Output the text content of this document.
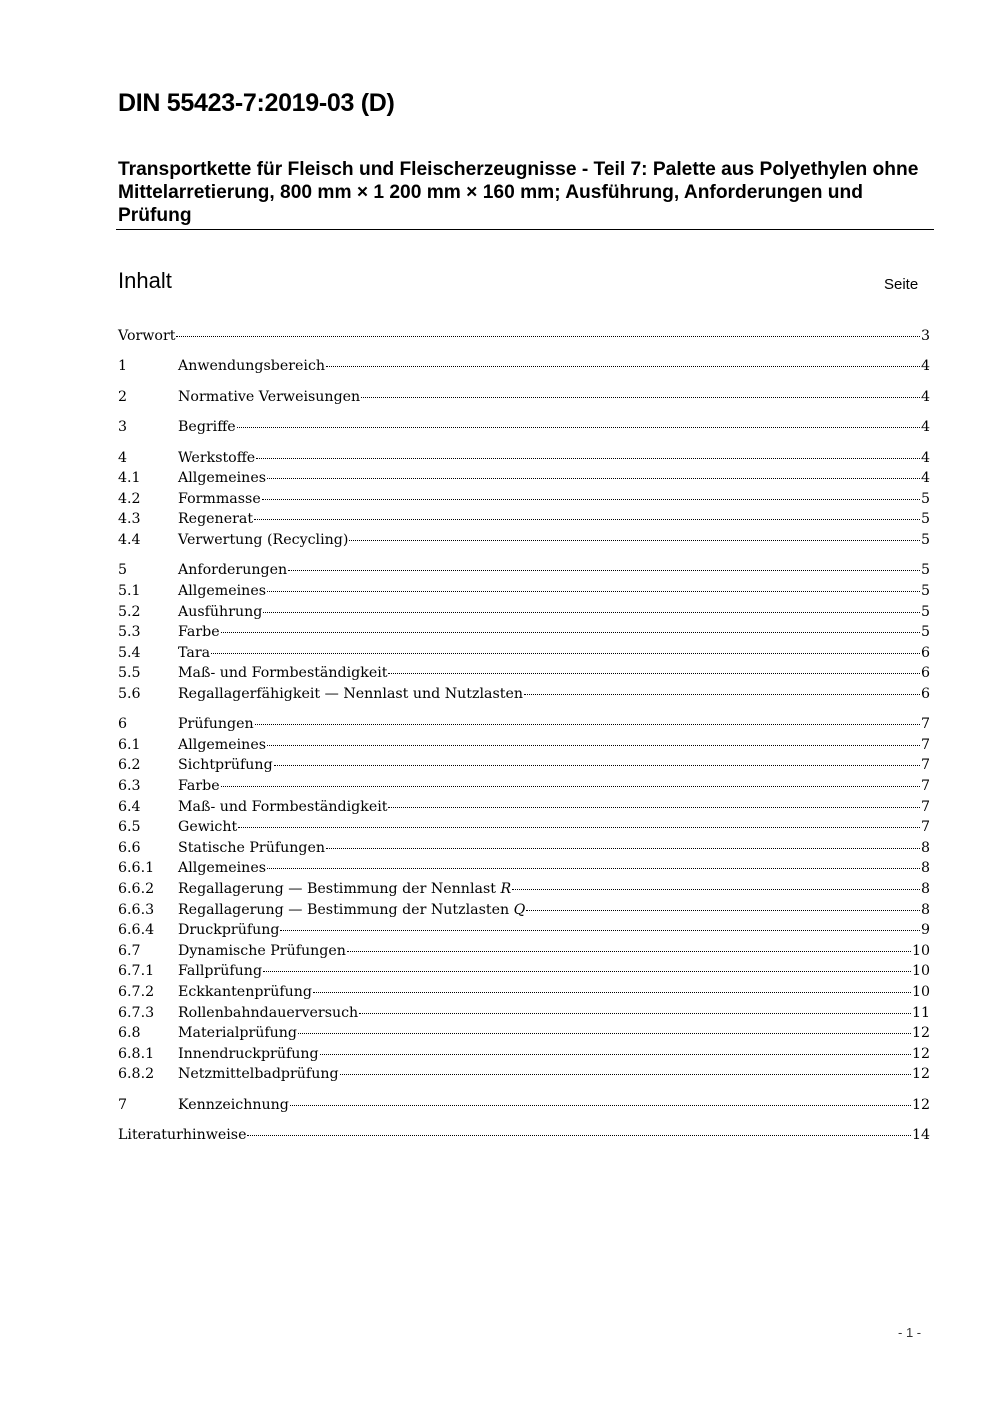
DIN 55423-7:2019-03 (D)
Transportkette für Fleisch und Fleischerzeugnisse - Teil 7: Palette aus Polyethylen ohne Mittelarretierung, 800 mm × 1 200 mm × 160 mm; Ausführung, Anforderungen und Prüfung
Inhalt	Seite
Vorwort	3
1	Anwendungsbereich	4
2	Normative Verweisungen	4
3	Begriffe	4
4	Werkstoffe	4
4.1	Allgemeines	4
4.2	Formmasse	5
4.3	Regenerat	5
4.4	Verwertung (Recycling)	5
5	Anforderungen	5
5.1	Allgemeines	5
5.2	Ausführung	5
5.3	Farbe	5
5.4	Tara	6
5.5	Maß- und Formbeständigkeit	6
5.6	Regallagerfähigkeit — Nennlast und Nutzlasten	6
6	Prüfungen	7
6.1	Allgemeines	7
6.2	Sichtprüfung	7
6.3	Farbe	7
6.4	Maß- und Formbeständigkeit	7
6.5	Gewicht	7
6.6	Statische Prüfungen	8
6.6.1	Allgemeines	8
6.6.2	Regallagerung — Bestimmung der Nennlast R	8
6.6.3	Regallagerung — Bestimmung der Nutzlasten Q	8
6.6.4	Druckprüfung	9
6.7	Dynamische Prüfungen	10
6.7.1	Fallprüfung	10
6.7.2	Eckkantenprüfung	10
6.7.3	Rollenbahndauerversuch	11
6.8	Materialprüfung	12
6.8.1	Innendruckprüfung	12
6.8.2	Netzmittelbadprüfung	12
7	Kennzeichnung	12
Literaturhinweise	14
- 1 -
